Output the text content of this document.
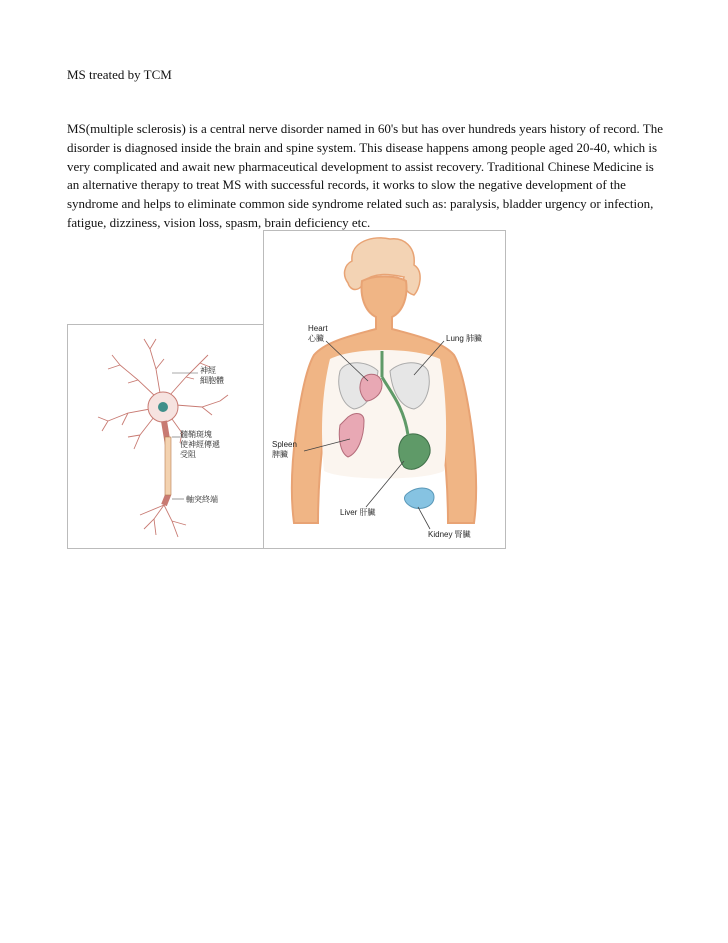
MS treated by TCM

MS(multiple sclerosis) is a central nerve disorder named in 60's but has over hundreds years history of record. The disorder is diagnosed inside the brain and spine system. This disease happens among people aged 20-40, which is very complicated and await new pharmaceutical development to assist recovery. Traditional Chinese Medicine is an alternative therapy to treat MS with successful records, it works to slow the negative development of the syndrome and helps to eliminate common side syndrome related such as: paralysis, bladder urgency or infection, fatigue, dizziness, vision loss, spasm, brain deficiency etc.

神經
細胞體
髓鞘斑塊
使神經傳遞
受阻
軸突終端
Heart
心臟	Lung 肺臟
Spleen
脾臟
Liver 肝臟
Kidney 腎臟
